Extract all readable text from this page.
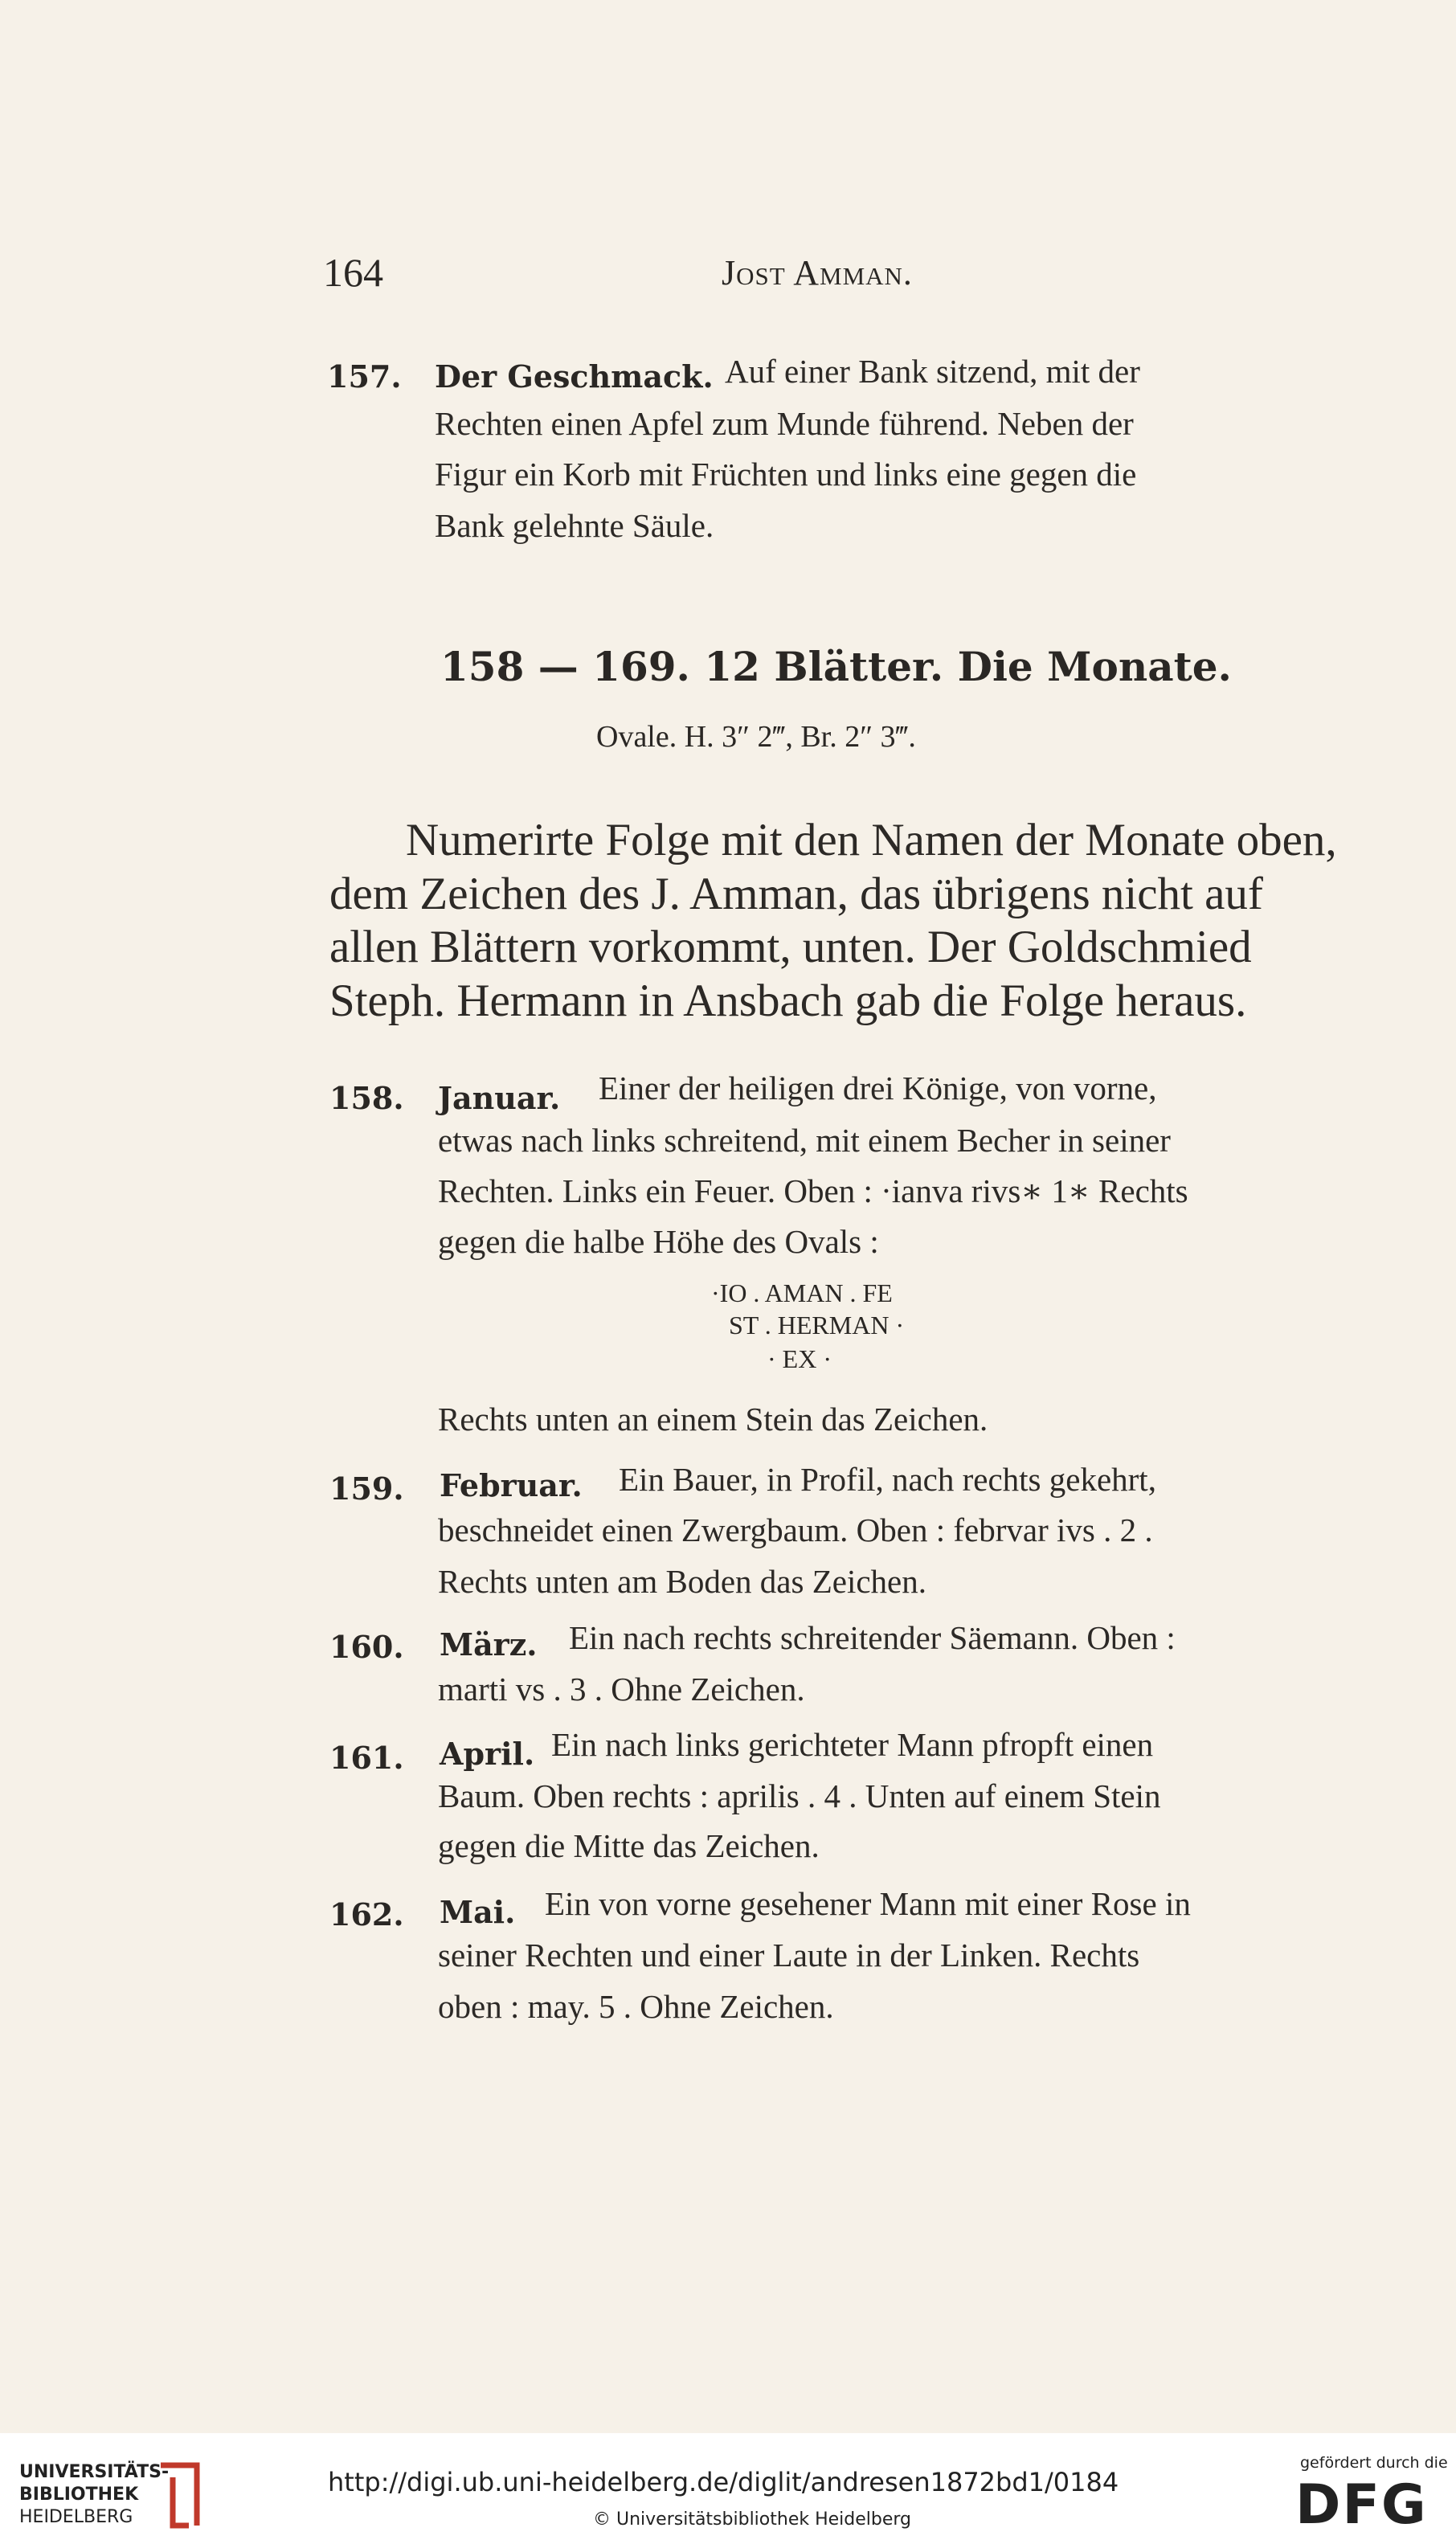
164	Jost Amman.
157. Der Geschmack. Auf einer Bank sitzend, mit der
Rechten einen Apfel zum Munde führend. Neben der
Figur ein Korb mit Früchten und links eine gegen die
Bank gelehnte Säule.
158 — 169. 12 Blätter. Die Monate.
Ovale. H. 3″ 2‴, Br. 2″ 3‴.
Numerirte Folge mit den Namen der Monate oben,
dem Zeichen des J. Amman, das übrigens nicht auf
allen Blättern vorkommt, unten. Der Goldschmied
Steph. Hermann in Ansbach gab die Folge heraus.
158. Januar. Einer der heiligen drei Könige, von vorne,
etwas nach links schreitend, mit einem Becher in seiner
Rechten. Links ein Feuer. Oben : ·ianva rivs∗ 1∗ Rechts
gegen die halbe Höhe des Ovals :
·IO . AMAN . FE
ST . HERMAN ·
· EX ·
Rechts unten an einem Stein das Zeichen.
159. Februar. Ein Bauer, in Profil, nach rechts gekehrt,
beschneidet einen Zwergbaum. Oben : febrvar ivs . 2 .
Rechts unten am Boden das Zeichen.
160. März. Ein nach rechts schreitender Säemann. Oben :
marti vs . 3 . Ohne Zeichen.
161. April. Ein nach links gerichteter Mann pfropft einen
Baum. Oben rechts : aprilis . 4 . Unten auf einem Stein
gegen die Mitte das Zeichen.
162. Mai. Ein von vorne gesehener Mann mit einer Rose in
seiner Rechten und einer Laute in der Linken. Rechts
oben : may. 5 . Ohne Zeichen.
UNIVERSITÄTS-
BIBLIOTHEK
HEIDELBERG
http://digi.ub.uni-heidelberg.de/diglit/andresen1872bd1/0184
© Universitätsbibliothek Heidelberg
gefördert durch die
DFG
